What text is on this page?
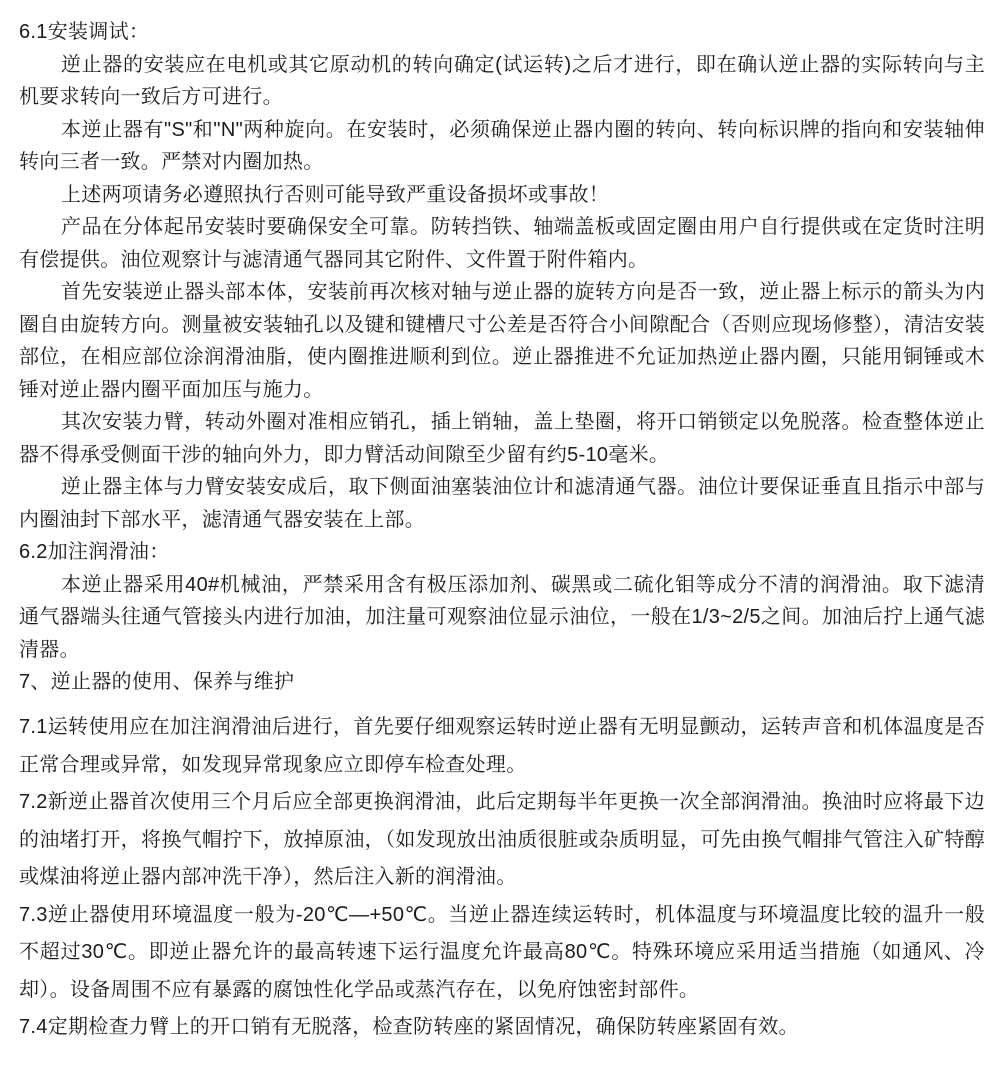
6.1安装调试：

逆止器的安装应在电机或其它原动机的转向确定(试运转)之后才进行，即在确认逆止器的实际转向与主机要求转向一致后方可进行。

本逆止器有"S"和"N"两种旋向。在安装时，必须确保逆止器内圈的转向、转向标识牌的指向和安装轴伸转向三者一致。严禁对内圈加热。

上述两项请务必遵照执行否则可能导致严重设备损坏或事故！

产品在分体起吊安装时要确保安全可靠。防转挡铁、轴端盖板或固定圈由用户自行提供或在定货时注明有偿提供。油位观察计与滤清通气器同其它附件、文件置于附件箱内。

首先安装逆止器头部本体，安装前再次核对轴与逆止器的旋转方向是否一致，逆止器上标示的箭头为内圈自由旋转方向。测量被安装轴孔以及键和键槽尺寸公差是否符合小间隙配合（否则应现场修整），清洁安装部位，在相应部位涂润滑油脂，使内圈推进顺利到位。逆止器推进不允证加热逆止器内圈，只能用铜锤或木锤对逆止器内圈平面加压与施力。

其次安装力臂，转动外圈对准相应销孔，插上销轴，盖上垫圈，将开口销锁定以免脱落。检查整体逆止器不得承受侧面干涉的轴向外力，即力臂活动间隙至少留有约5-10毫米。

逆止器主体与力臂安装安成后，取下侧面油塞装油位计和滤清通气器。油位计要保证垂直且指示中部与内圈油封下部水平，滤清通气器安装在上部。

6.2加注润滑油：

本逆止器采用40#机械油，严禁采用含有极压添加剂、碳黑或二硫化钼等成分不清的润滑油。取下滤清通气器端头往通气管接头内进行加油，加注量可观察油位显示油位，一般在1/3~2/5之间。加油后拧上通气滤清器。

7、逆止器的使用、保养与维护

7.1运转使用应在加注润滑油后进行，首先要仔细观察运转时逆止器有无明显颤动，运转声音和机体温度是否正常合理或异常，如发现异常现象应立即停车检查处理。

7.2新逆止器首次使用三个月后应全部更换润滑油，此后定期每半年更换一次全部润滑油。换油时应将最下边的油堵打开，将换气帽拧下，放掉原油，（如发现放出油质很脏或杂质明显，可先由换气帽排气管注入矿特醇或煤油将逆止器内部冲洗干净），然后注入新的润滑油。

7.3逆止器使用环境温度一般为-20℃—+50℃。当逆止器连续运转时，机体温度与环境温度比较的温升一般不超过30℃。即逆止器允许的最高转速下运行温度允许最高80℃。特殊环境应采用适当措施（如通风、冷却）。设备周围不应有暴露的腐蚀性化学品或蒸汽存在，以免府蚀密封部件。

7.4定期检查力臂上的开口销有无脱落，检查防转座的紧固情况，确保防转座紧固有效。
